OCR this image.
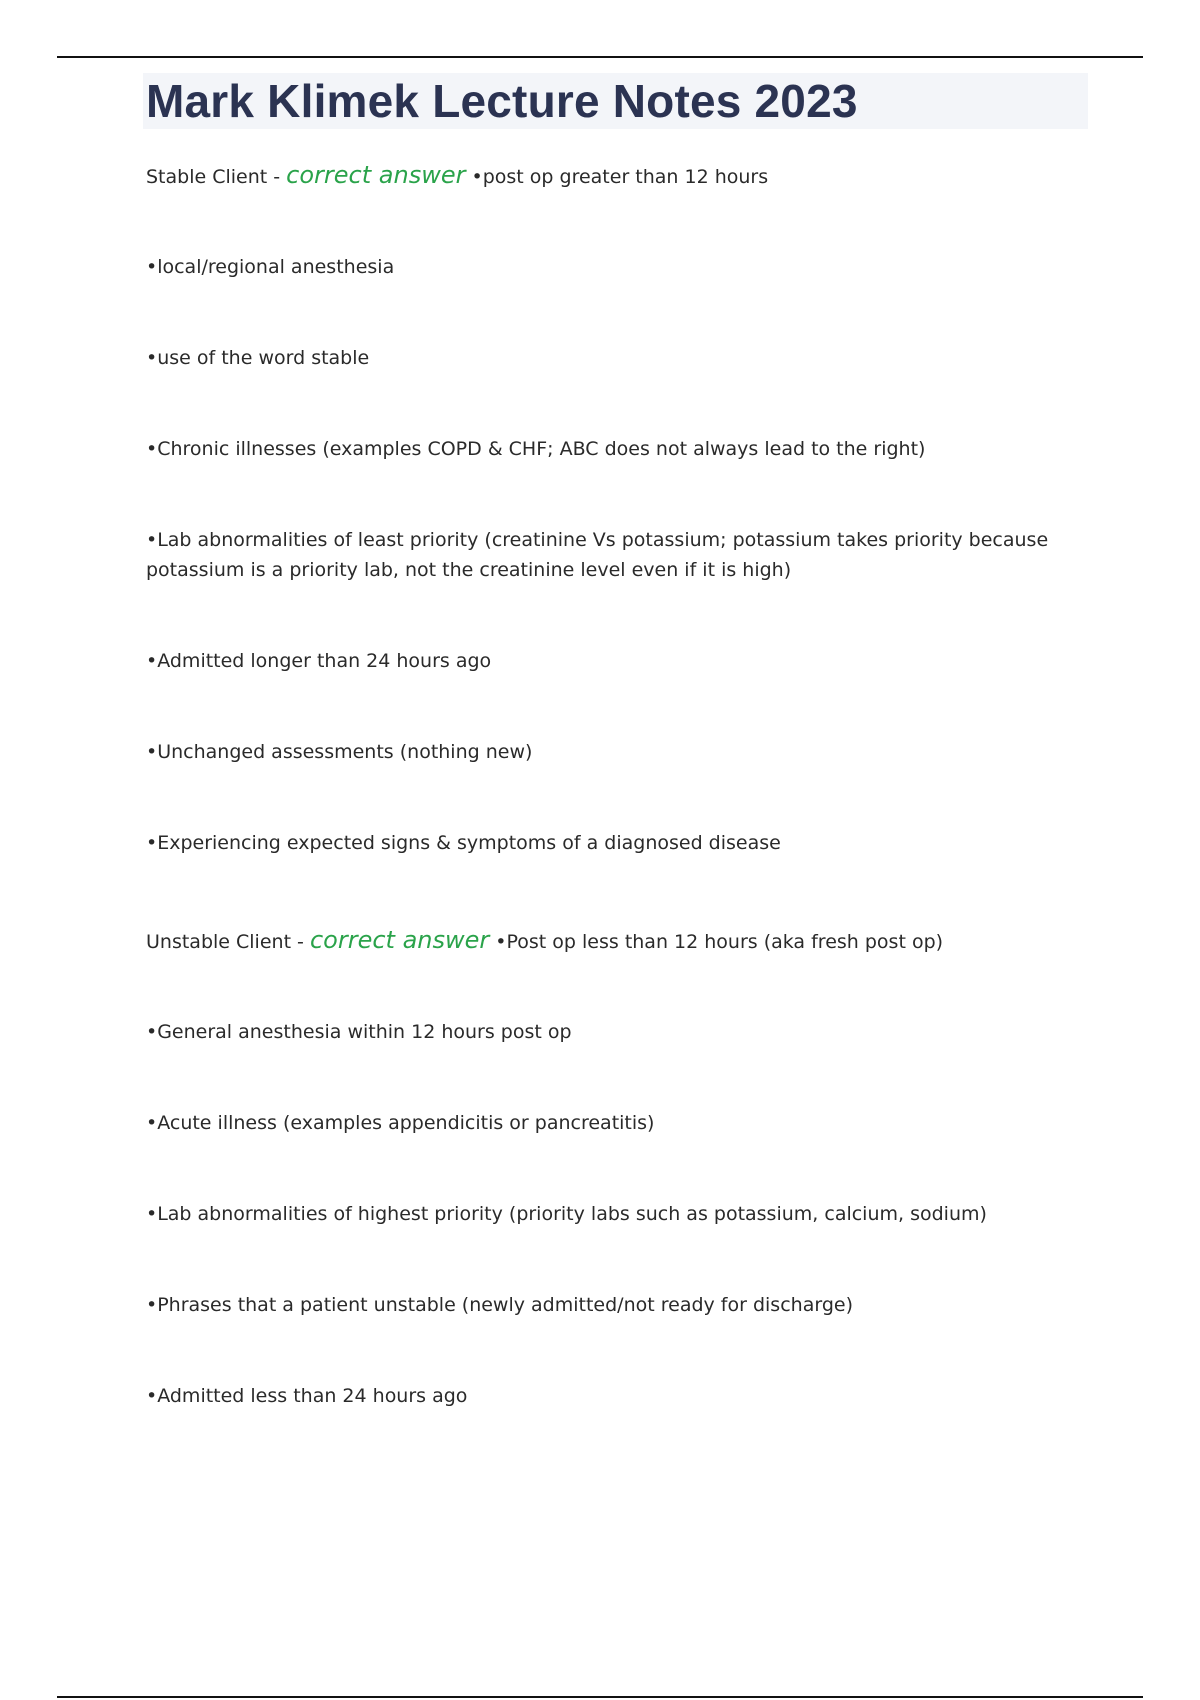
Mark Klimek Lecture Notes 2023
Stable Client - correct answer •post op greater than 12 hours
•local/regional anesthesia
•use of the word stable
•Chronic illnesses (examples COPD & CHF; ABC does not always lead to the right)
•Lab abnormalities of least priority (creatinine Vs potassium; potassium takes priority because potassium is a priority lab, not the creatinine level even if it is high)
•Admitted longer than 24 hours ago
•Unchanged assessments (nothing new)
•Experiencing expected signs & symptoms of a diagnosed disease
Unstable Client - correct answer •Post op less than 12 hours (aka fresh post op)
•General anesthesia within 12 hours post op
•Acute illness (examples appendicitis or pancreatitis)
•Lab abnormalities of highest priority (priority labs such as potassium, calcium, sodium)
•Phrases that a patient unstable (newly admitted/not ready for discharge)
•Admitted less than 24 hours ago
